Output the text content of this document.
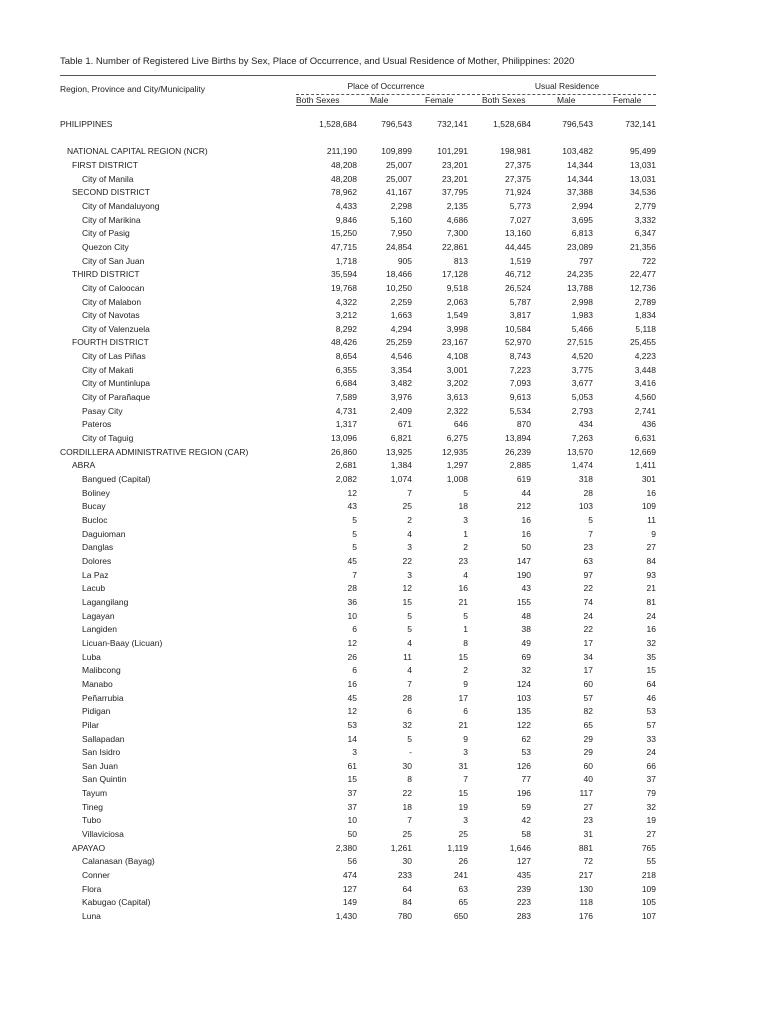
Table 1. Number of Registered Live Births by Sex, Place of Occurrence, and Usual Residence of Mother, Philippines: 2020
Region, Province and City/Municipality	Place of Occurrence	Usual Residence
Both Sexes	Male	Female	Both Sexes	Male	Female
PHILIPPINES	1,528,684	796,543	732,141	1,528,684	796,543	732,141

NATIONAL CAPITAL REGION (NCR)	211,190	109,899	101,291	198,981	103,482	95,499
FIRST DISTRICT	48,208	25,007	23,201	27,375	14,344	13,031
City of Manila	48,208	25,007	23,201	27,375	14,344	13,031
SECOND DISTRICT	78,962	41,167	37,795	71,924	37,388	34,536
City of Mandaluyong	4,433	2,298	2,135	5,773	2,994	2,779
City of Marikina	9,846	5,160	4,686	7,027	3,695	3,332
City of Pasig	15,250	7,950	7,300	13,160	6,813	6,347
Quezon City	47,715	24,854	22,861	44,445	23,089	21,356
City of San Juan	1,718	905	813	1,519	797	722
THIRD DISTRICT	35,594	18,466	17,128	46,712	24,235	22,477
City of Caloocan	19,768	10,250	9,518	26,524	13,788	12,736
City of Malabon	4,322	2,259	2,063	5,787	2,998	2,789
City of Navotas	3,212	1,663	1,549	3,817	1,983	1,834
City of Valenzuela	8,292	4,294	3,998	10,584	5,466	5,118
FOURTH DISTRICT	48,426	25,259	23,167	52,970	27,515	25,455
City of Las Piñas	8,654	4,546	4,108	8,743	4,520	4,223
City of Makati	6,355	3,354	3,001	7,223	3,775	3,448
City of Muntinlupa	6,684	3,482	3,202	7,093	3,677	3,416
City of Parañaque	7,589	3,976	3,613	9,613	5,053	4,560
Pasay City	4,731	2,409	2,322	5,534	2,793	2,741
Pateros	1,317	671	646	870	434	436
City of Taguig	13,096	6,821	6,275	13,894	7,263	6,631
CORDILLERA ADMINISTRATIVE REGION (CAR)	26,860	13,925	12,935	26,239	13,570	12,669
ABRA	2,681	1,384	1,297	2,885	1,474	1,411
Bangued (Capital)	2,082	1,074	1,008	619	318	301
Boliney	12	7	5	44	28	16
Bucay	43	25	18	212	103	109
Bucloc	5	2	3	16	5	11
Daguioman	5	4	1	16	7	9
Danglas	5	3	2	50	23	27
Dolores	45	22	23	147	63	84
La Paz	7	3	4	190	97	93
Lacub	28	12	16	43	22	21
Lagangilang	36	15	21	155	74	81
Lagayan	10	5	5	48	24	24
Langiden	6	5	1	38	22	16
Licuan-Baay (Licuan)	12	4	8	49	17	32
Luba	26	11	15	69	34	35
Malibcong	6	4	2	32	17	15
Manabo	16	7	9	124	60	64
Peñarrubia	45	28	17	103	57	46
Pidigan	12	6	6	135	82	53
Pilar	53	32	21	122	65	57
Sallapadan	14	5	9	62	29	33
San Isidro	3	-	3	53	29	24
San Juan	61	30	31	126	60	66
San Quintin	15	8	7	77	40	37
Tayum	37	22	15	196	117	79
Tineg	37	18	19	59	27	32
Tubo	10	7	3	42	23	19
Villaviciosa	50	25	25	58	31	27
APAYAO	2,380	1,261	1,119	1,646	881	765
Calanasan (Bayag)	56	30	26	127	72	55
Conner	474	233	241	435	217	218
Flora	127	64	63	239	130	109
Kabugao (Capital)	149	84	65	223	118	105
Luna	1,430	780	650	283	176	107
